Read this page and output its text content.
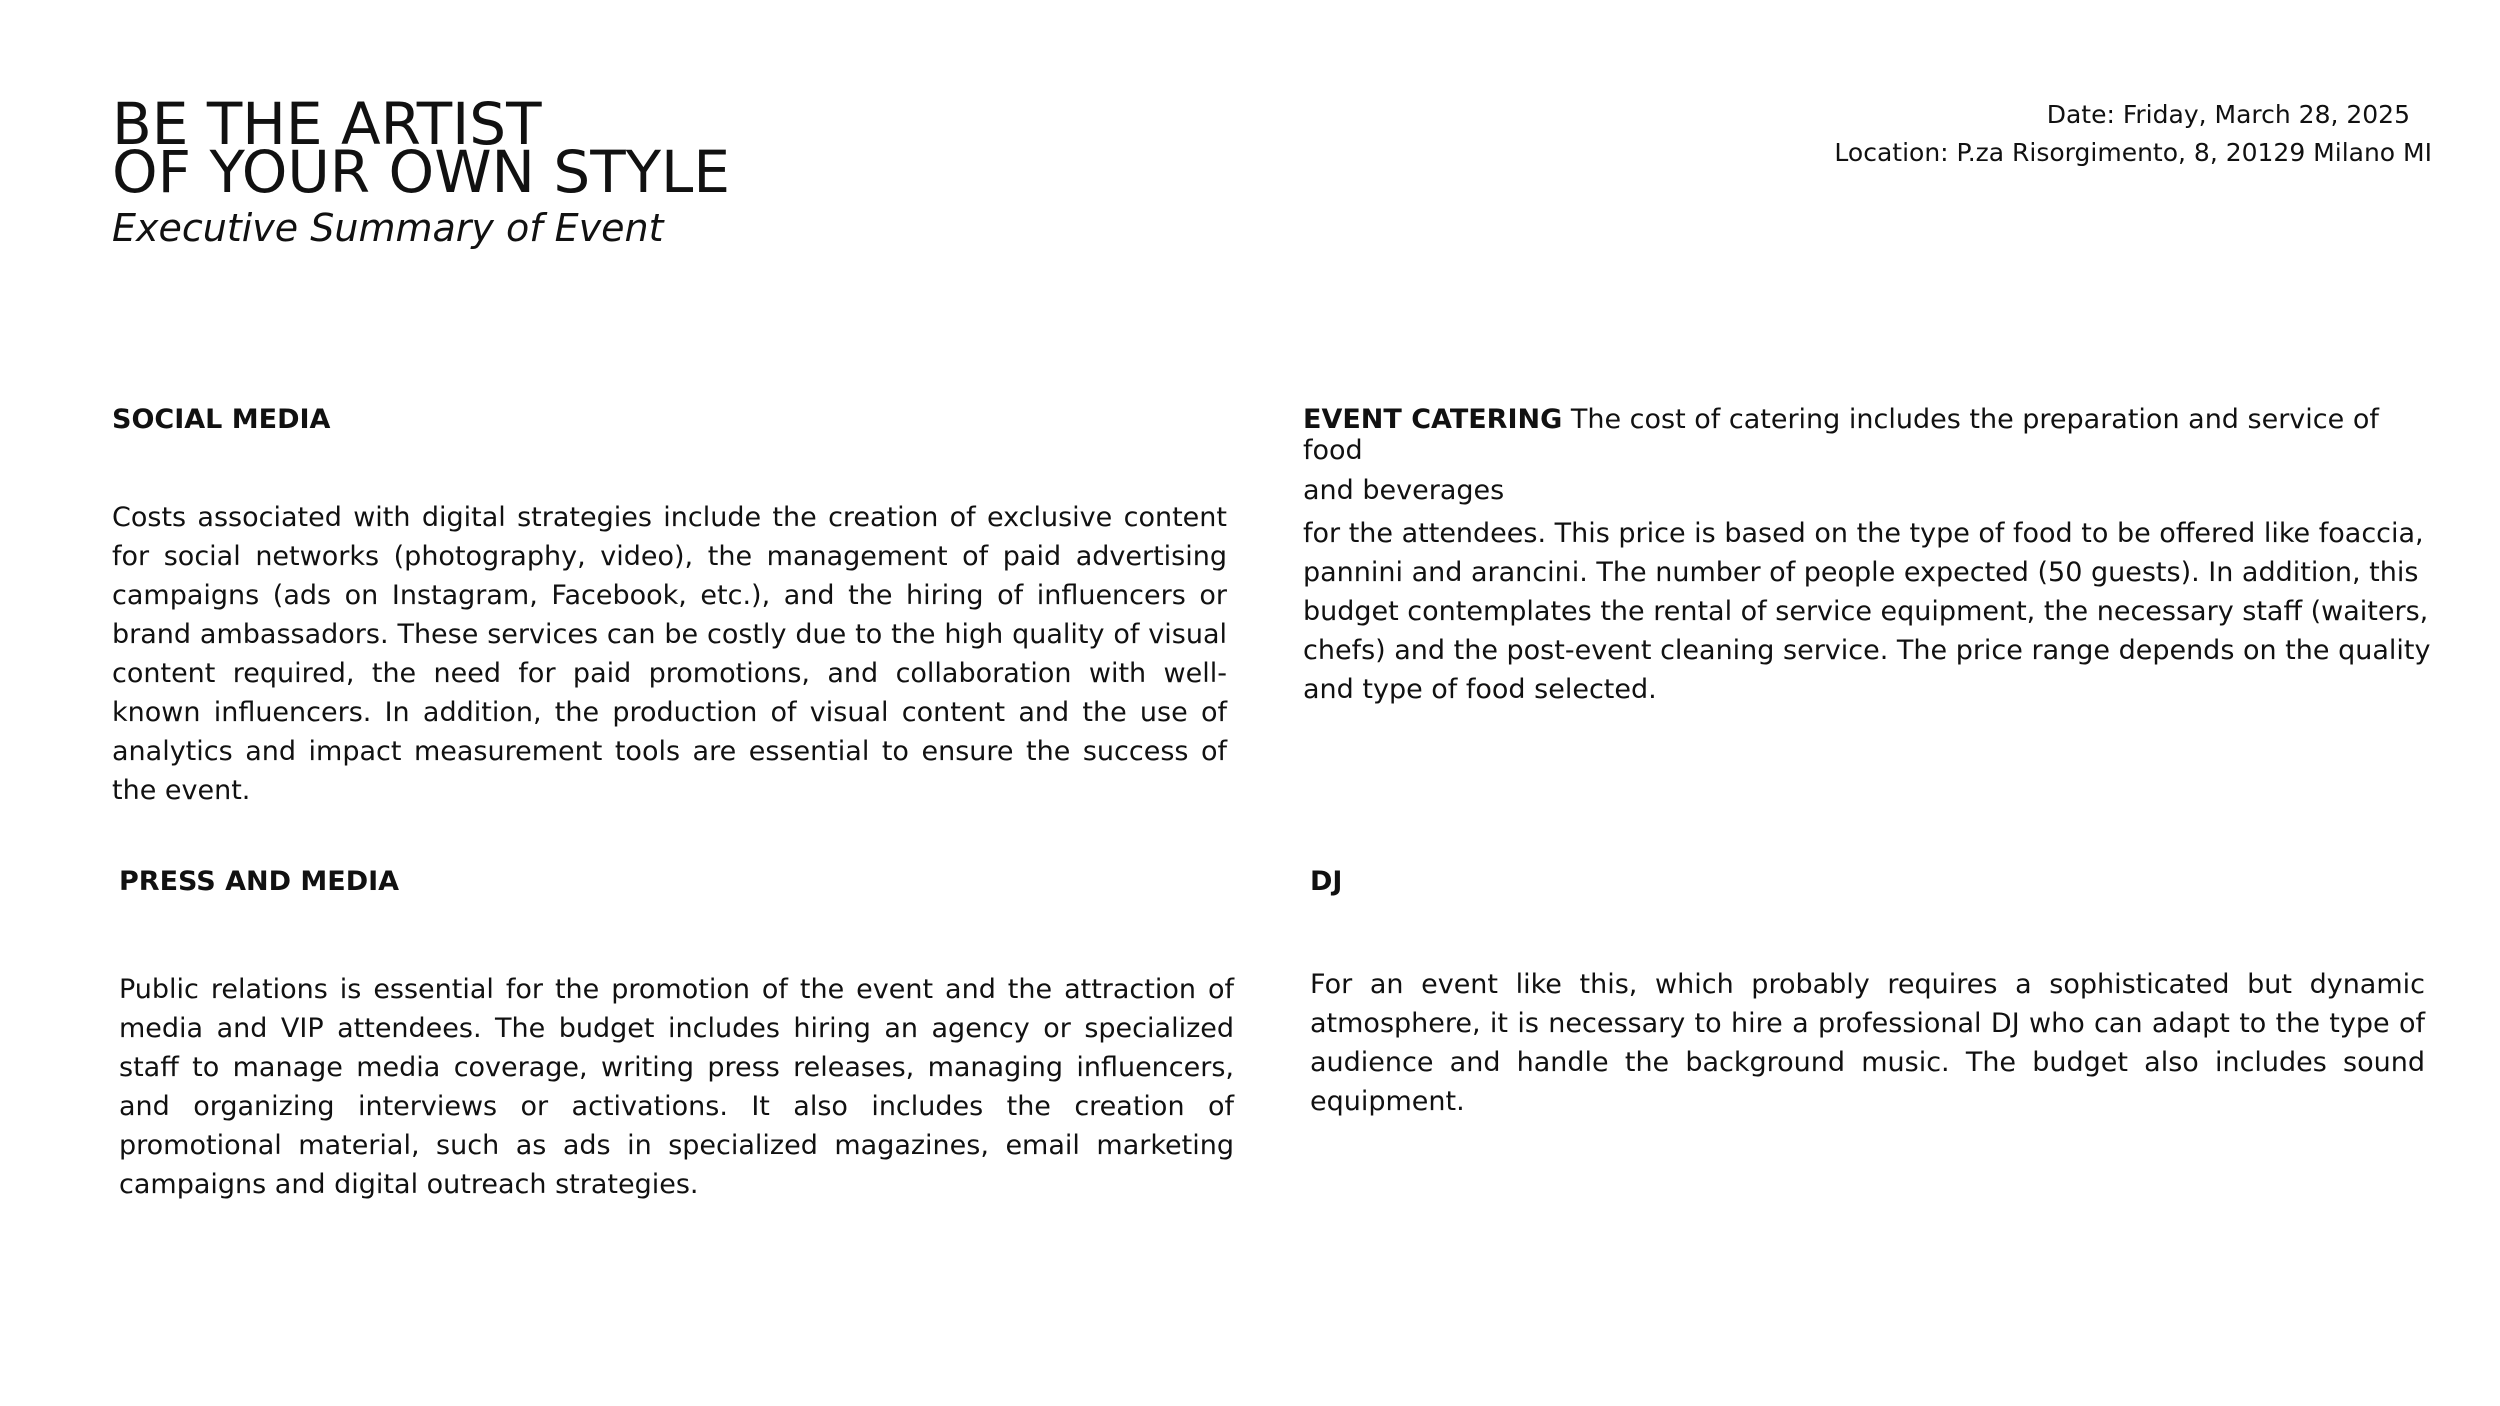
BE THE ARTIST
OF YOUR OWN STYLE
Executive Summary of Event
Date: Friday, March 28, 2025
Location: P.za Risorgimento, 8, 20129 Milano MI
SOCIAL MEDIA

Costs associated with digital strategies include the creation of exclusive content for social networks (photography, video), the management of paid advertising campaigns (ads on Instagram, Facebook, etc.), and the hiring of influencers or brand ambassadors. These services can be costly due to the high quality of visual content required, the need for paid promotions, and collaboration with well-known influencers. In addition, the production of visual content and the use of analytics and impact measurement tools are essential to ensure the success of the event.

EVENT CATERING The cost of catering includes the preparation and service of food
and beverages

for the attendees. This price is based on the type of food to be offered like foaccia, pannini and arancini. The number of people expected (50 guests). In addition, this budget contemplates the rental of service equipment, the necessary staff (waiters, chefs) and the post-event cleaning service. The price range depends on the quality and type of food selected.

PRESS AND MEDIA

Public relations is essential for the promotion of the event and the attraction of media and VIP attendees. The budget includes hiring an agency or specialized staff to manage media coverage, writing press releases, managing influencers, and organizing interviews or activations. It also includes the creation of promotional material, such as ads in specialized magazines, email marketing campaigns and digital outreach strategies.

DJ

For an event like this, which probably requires a sophisticated but dynamic atmosphere, it is necessary to hire a professional DJ who can adapt to the type of audience and handle the background music. The budget also includes sound equipment.
